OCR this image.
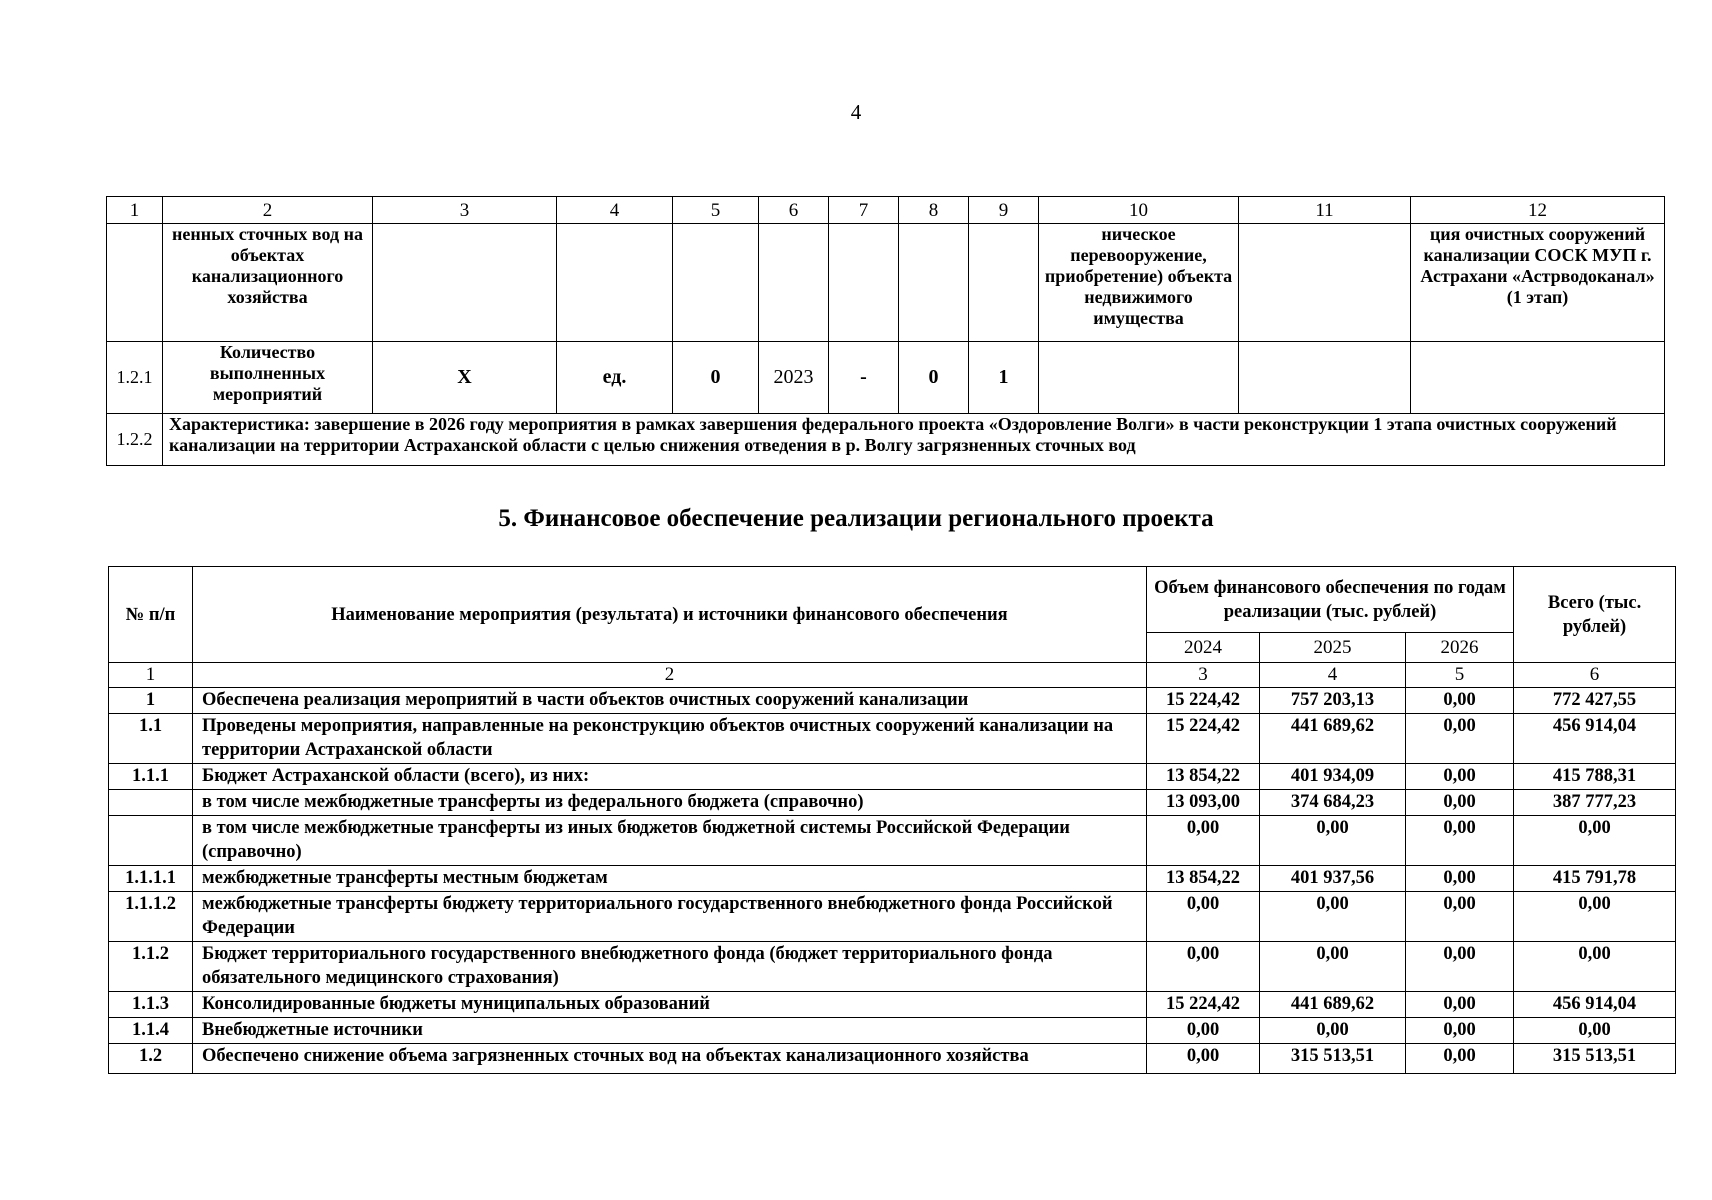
4
1	2	3	4	5	6	7	8	9	10	11	12
	ненных сточных вод на объектах канализационного хозяйства								ническое перевооружение, приобретение) объекта недвижимого имущества		ция очистных сооружений канализации СОСК МУП г. Астрахани «Астрводоканал» (1 этап)
1.2.1	Количество выполненных мероприятий	X	ед.	0	2023	-	0	1			
1.2.2	Характеристика: завершение в 2026 году мероприятия в рамках завершения федерального проекта «Оздоровление Волги» в части реконструкции 1 этапа очистных сооружений канализации на территории Астраханской области с целью снижения отведения в р. Волгу загрязненных сточных вод										
5. Финансовое обеспечение реализации регионального проекта
№ п/п	Наименование мероприятия (результата) и источники финансового обеспечения	Объем финансового обеспечения по годам реализации (тыс. рублей)			Всего (тыс. рублей)
		2024	2025	2026	
1	2	3	4	5	6
1	Обеспечена реализация мероприятий в части объектов очистных сооружений канализации	15 224,42	757 203,13	0,00	772 427,55
1.1	Проведены мероприятия, направленные на реконструкцию объектов очистных сооружений канализации на территории Астраханской области	15 224,42	441 689,62	0,00	456 914,04
1.1.1	Бюджет Астраханской области (всего), из них:	13 854,22	401 934,09	0,00	415 788,31
	в том числе межбюджетные трансферты из федерального бюджета (справочно)	13 093,00	374 684,23	0,00	387 777,23
	в том числе межбюджетные трансферты из иных бюджетов бюджетной системы Российской Федерации (справочно)	0,00	0,00	0,00	0,00
1.1.1.1	межбюджетные трансферты местным бюджетам	13 854,22	401 937,56	0,00	415 791,78
1.1.1.2	межбюджетные трансферты бюджету территориального государственного внебюджетного фонда Российской Федерации	0,00	0,00	0,00	0,00
1.1.2	Бюджет территориального государственного внебюджетного фонда (бюджет территориального фонда обязательного медицинского страхования)	0,00	0,00	0,00	0,00
1.1.3	Консолидированные бюджеты муниципальных образований	15 224,42	441 689,62	0,00	456 914,04
1.1.4	Внебюджетные источники	0,00	0,00	0,00	0,00
1.2	Обеспечено снижение объема загрязненных сточных вод на объектах канализационного хозяйства	0,00	315 513,51	0,00	315 513,51
